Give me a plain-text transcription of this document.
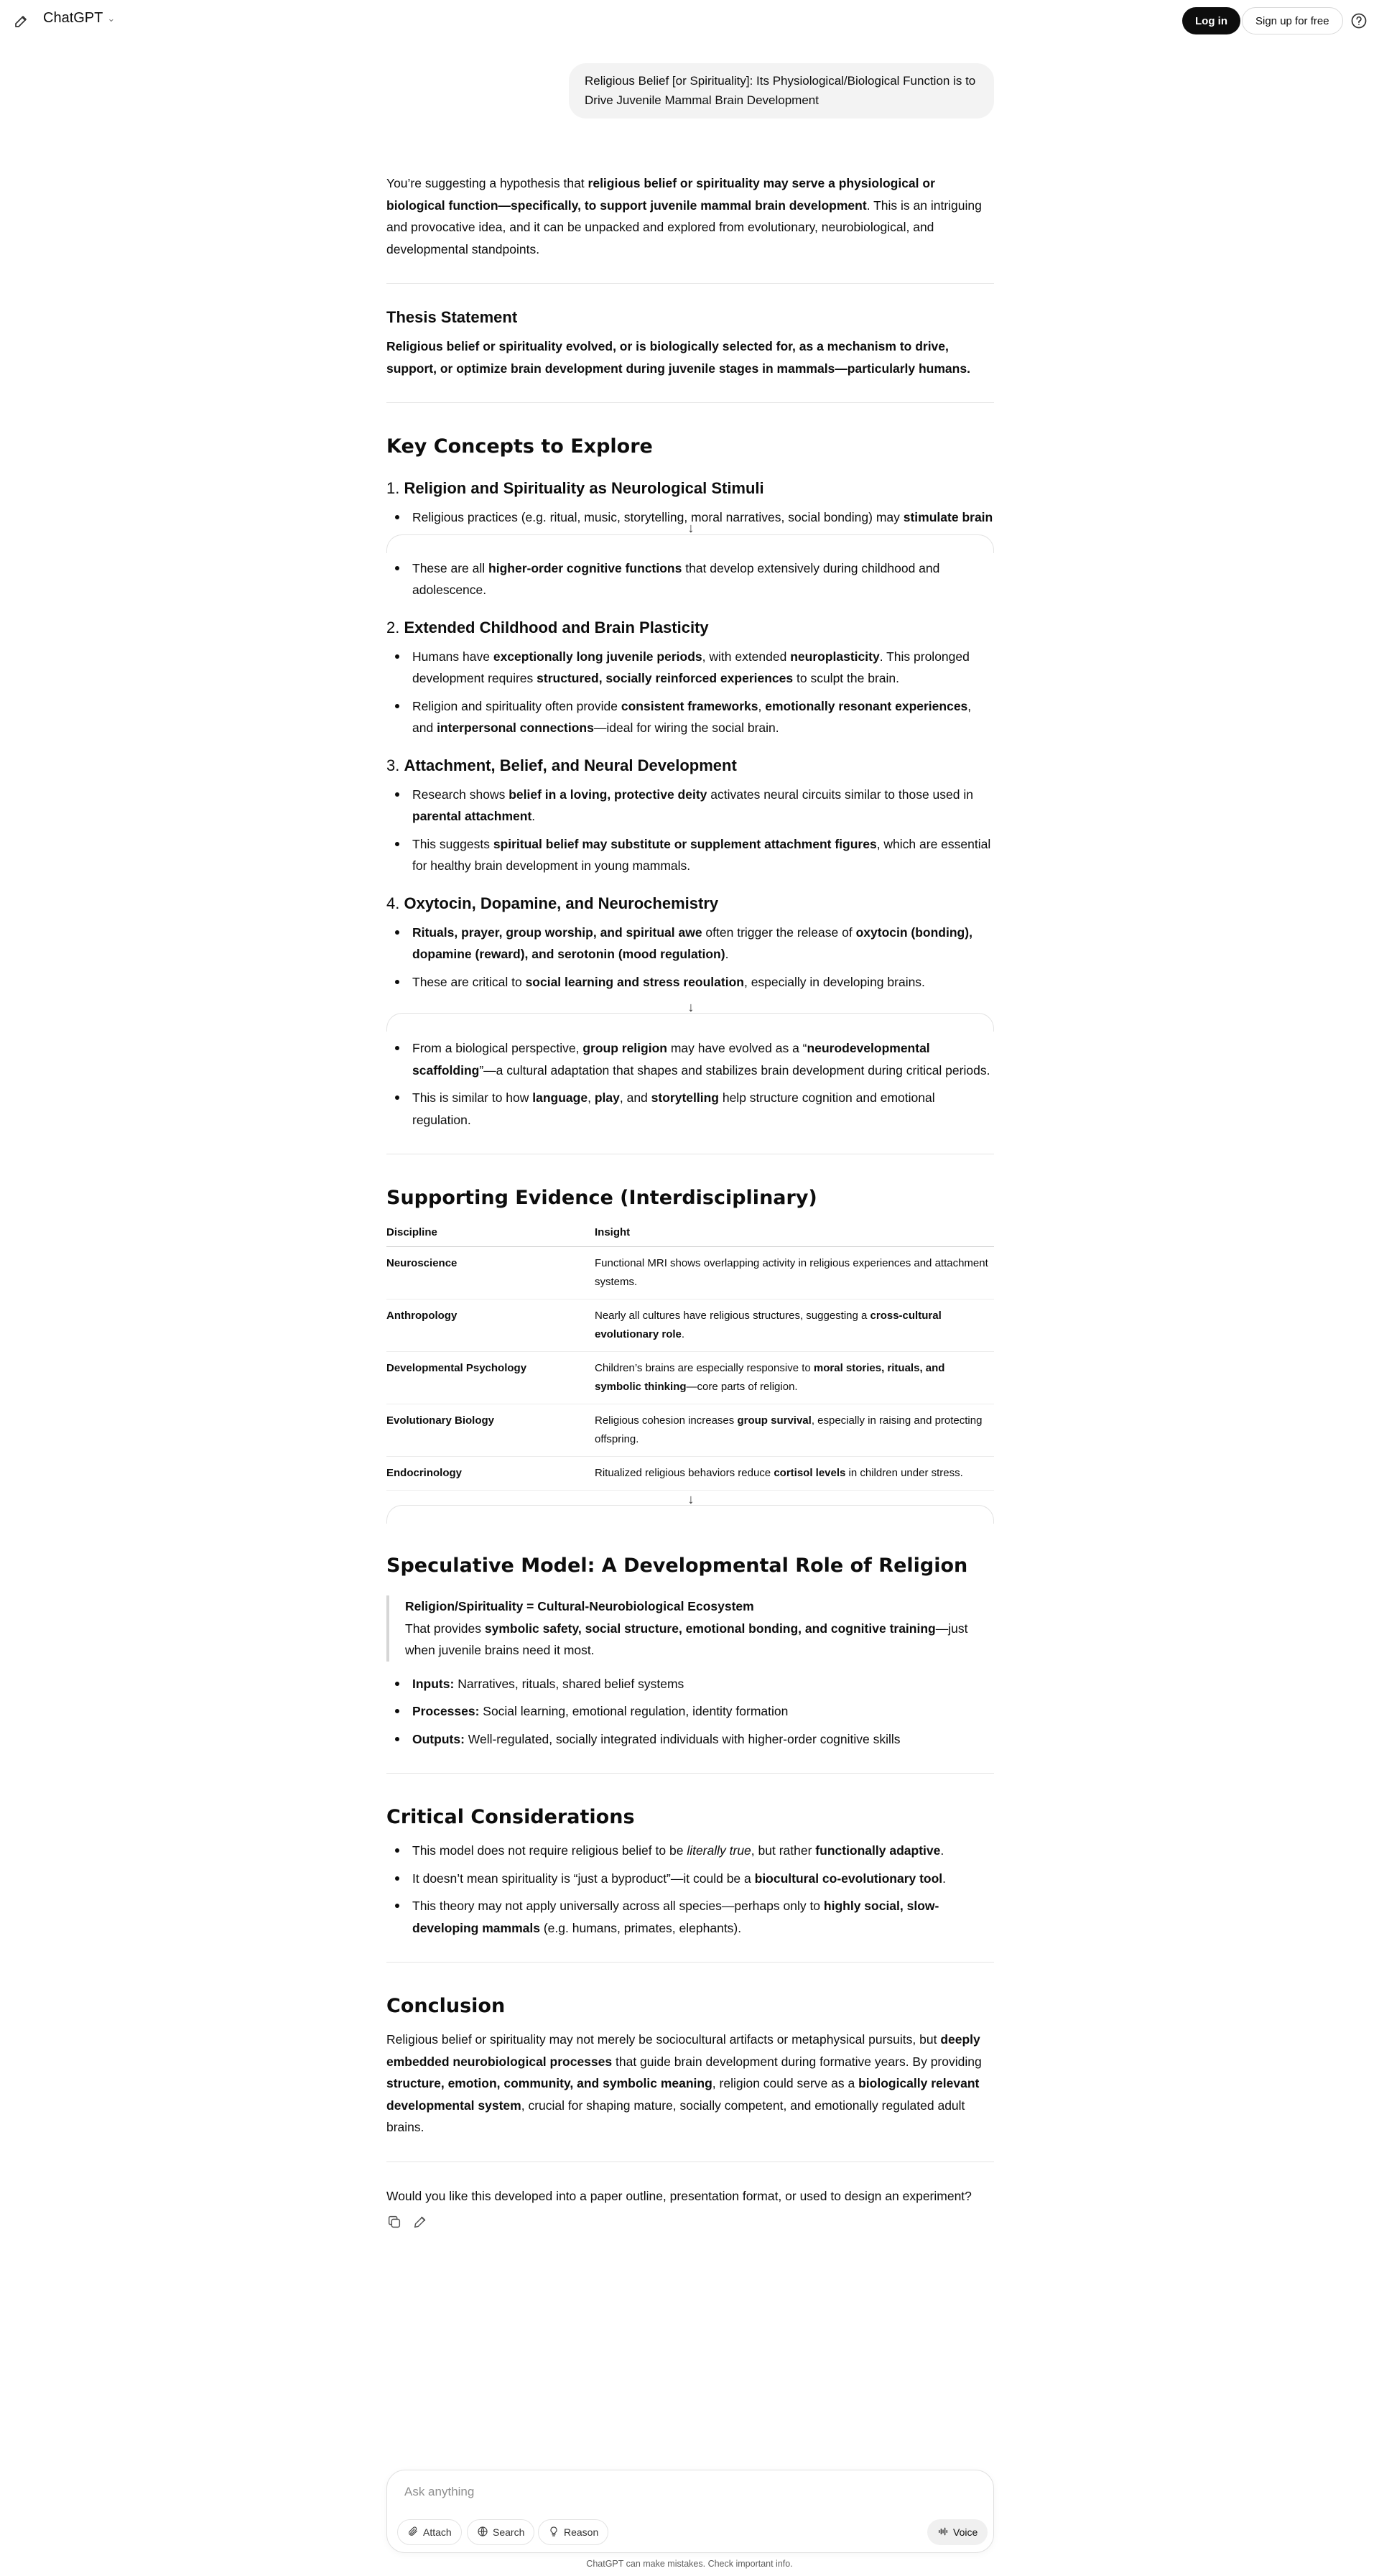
ChatGPT ⌄	Log in	Sign up for free
Religious Belief [or Spirituality]: Its Physiological/Biological Function is to Drive Juvenile Mammal Brain Development

You’re suggesting a hypothesis that religious belief or spirituality may serve a physiological or biological function—specifically, to support juvenile mammal brain development. This is an intriguing and provocative idea, and it can be unpacked and explored from evolutionary, neurobiological, and developmental standpoints.

Thesis Statement

Religious belief or spirituality evolved, or is biologically selected for, as a mechanism to drive, support, or optimize brain development during juvenile stages in mammals—particularly humans.

Key Concepts to Explore
1. Religion and Spirituality as Neurological Stimuli
Religious practices (e.g. ritual, music, storytelling, moral narratives, social bonding) may stimulate brain
↓
These are all higher-order cognitive functions that develop extensively during childhood and adolescence.
2. Extended Childhood and Brain Plasticity
Humans have exceptionally long juvenile periods, with extended neuroplasticity. This prolonged development requires structured, socially reinforced experiences to sculpt the brain.
Religion and spirituality often provide consistent frameworks, emotionally resonant experiences, and interpersonal connections—ideal for wiring the social brain.
3. Attachment, Belief, and Neural Development
Research shows belief in a loving, protective deity activates neural circuits similar to those used in parental attachment.
This suggests spiritual belief may substitute or supplement attachment figures, which are essential for healthy brain development in young mammals.
4. Oxytocin, Dopamine, and Neurochemistry
Rituals, prayer, group worship, and spiritual awe often trigger the release of oxytocin (bonding), dopamine (reward), and serotonin (mood regulation).
These are critical to social learning and stress reoulation, especially in developing brains.
↓
From a biological perspective, group religion may have evolved as a “neurodevelopmental scaffolding”—a cultural adaptation that shapes and stabilizes brain development during critical periods.
This is similar to how language, play, and storytelling help structure cognition and emotional regulation.
Supporting Evidence (Interdisciplinary)
Discipline	Insight
Neuroscience	Functional MRI shows overlapping activity in religious experiences and attachment systems.
Anthropology	Nearly all cultures have religious structures, suggesting a cross-cultural evolutionary role.
Developmental Psychology	Children’s brains are especially responsive to moral stories, rituals, and symbolic thinking—core parts of religion.
Evolutionary Biology	Religious cohesion increases group survival, especially in raising and protecting offspring.
Endocrinology	Ritualized religious behaviors reduce cortisol levels in children under stress.
↓
Speculative Model: A Developmental Role of Religion

Religion/Spirituality = Cultural-Neurobiological Ecosystem

That provides symbolic safety, social structure, emotional bonding, and cognitive training—just when juvenile brains need it most.

Inputs: Narratives, rituals, shared belief systems
Processes: Social learning, emotional regulation, identity formation
Outputs: Well-regulated, socially integrated individuals with higher-order cognitive skills
Critical Considerations
This model does not require religious belief to be literally true, but rather functionally adaptive.
It doesn’t mean spirituality is “just a byproduct”—it could be a biocultural co-evolutionary tool.
This theory may not apply universally across all species—perhaps only to highly social, slow-developing mammals (e.g. humans, primates, elephants).
Conclusion

Religious belief or spirituality may not merely be sociocultural artifacts or metaphysical pursuits, but deeply embedded neurobiological processes that guide brain development during formative years. By providing structure, emotion, community, and symbolic meaning, religion could serve as a biologically relevant developmental system, crucial for shaping mature, socially competent, and emotionally regulated adult brains.

Would you like this developed into a paper outline, presentation format, or used to design an experiment?

Ask anything
Attach	Search	Reason	Voice
ChatGPT can make mistakes. Check important info.
